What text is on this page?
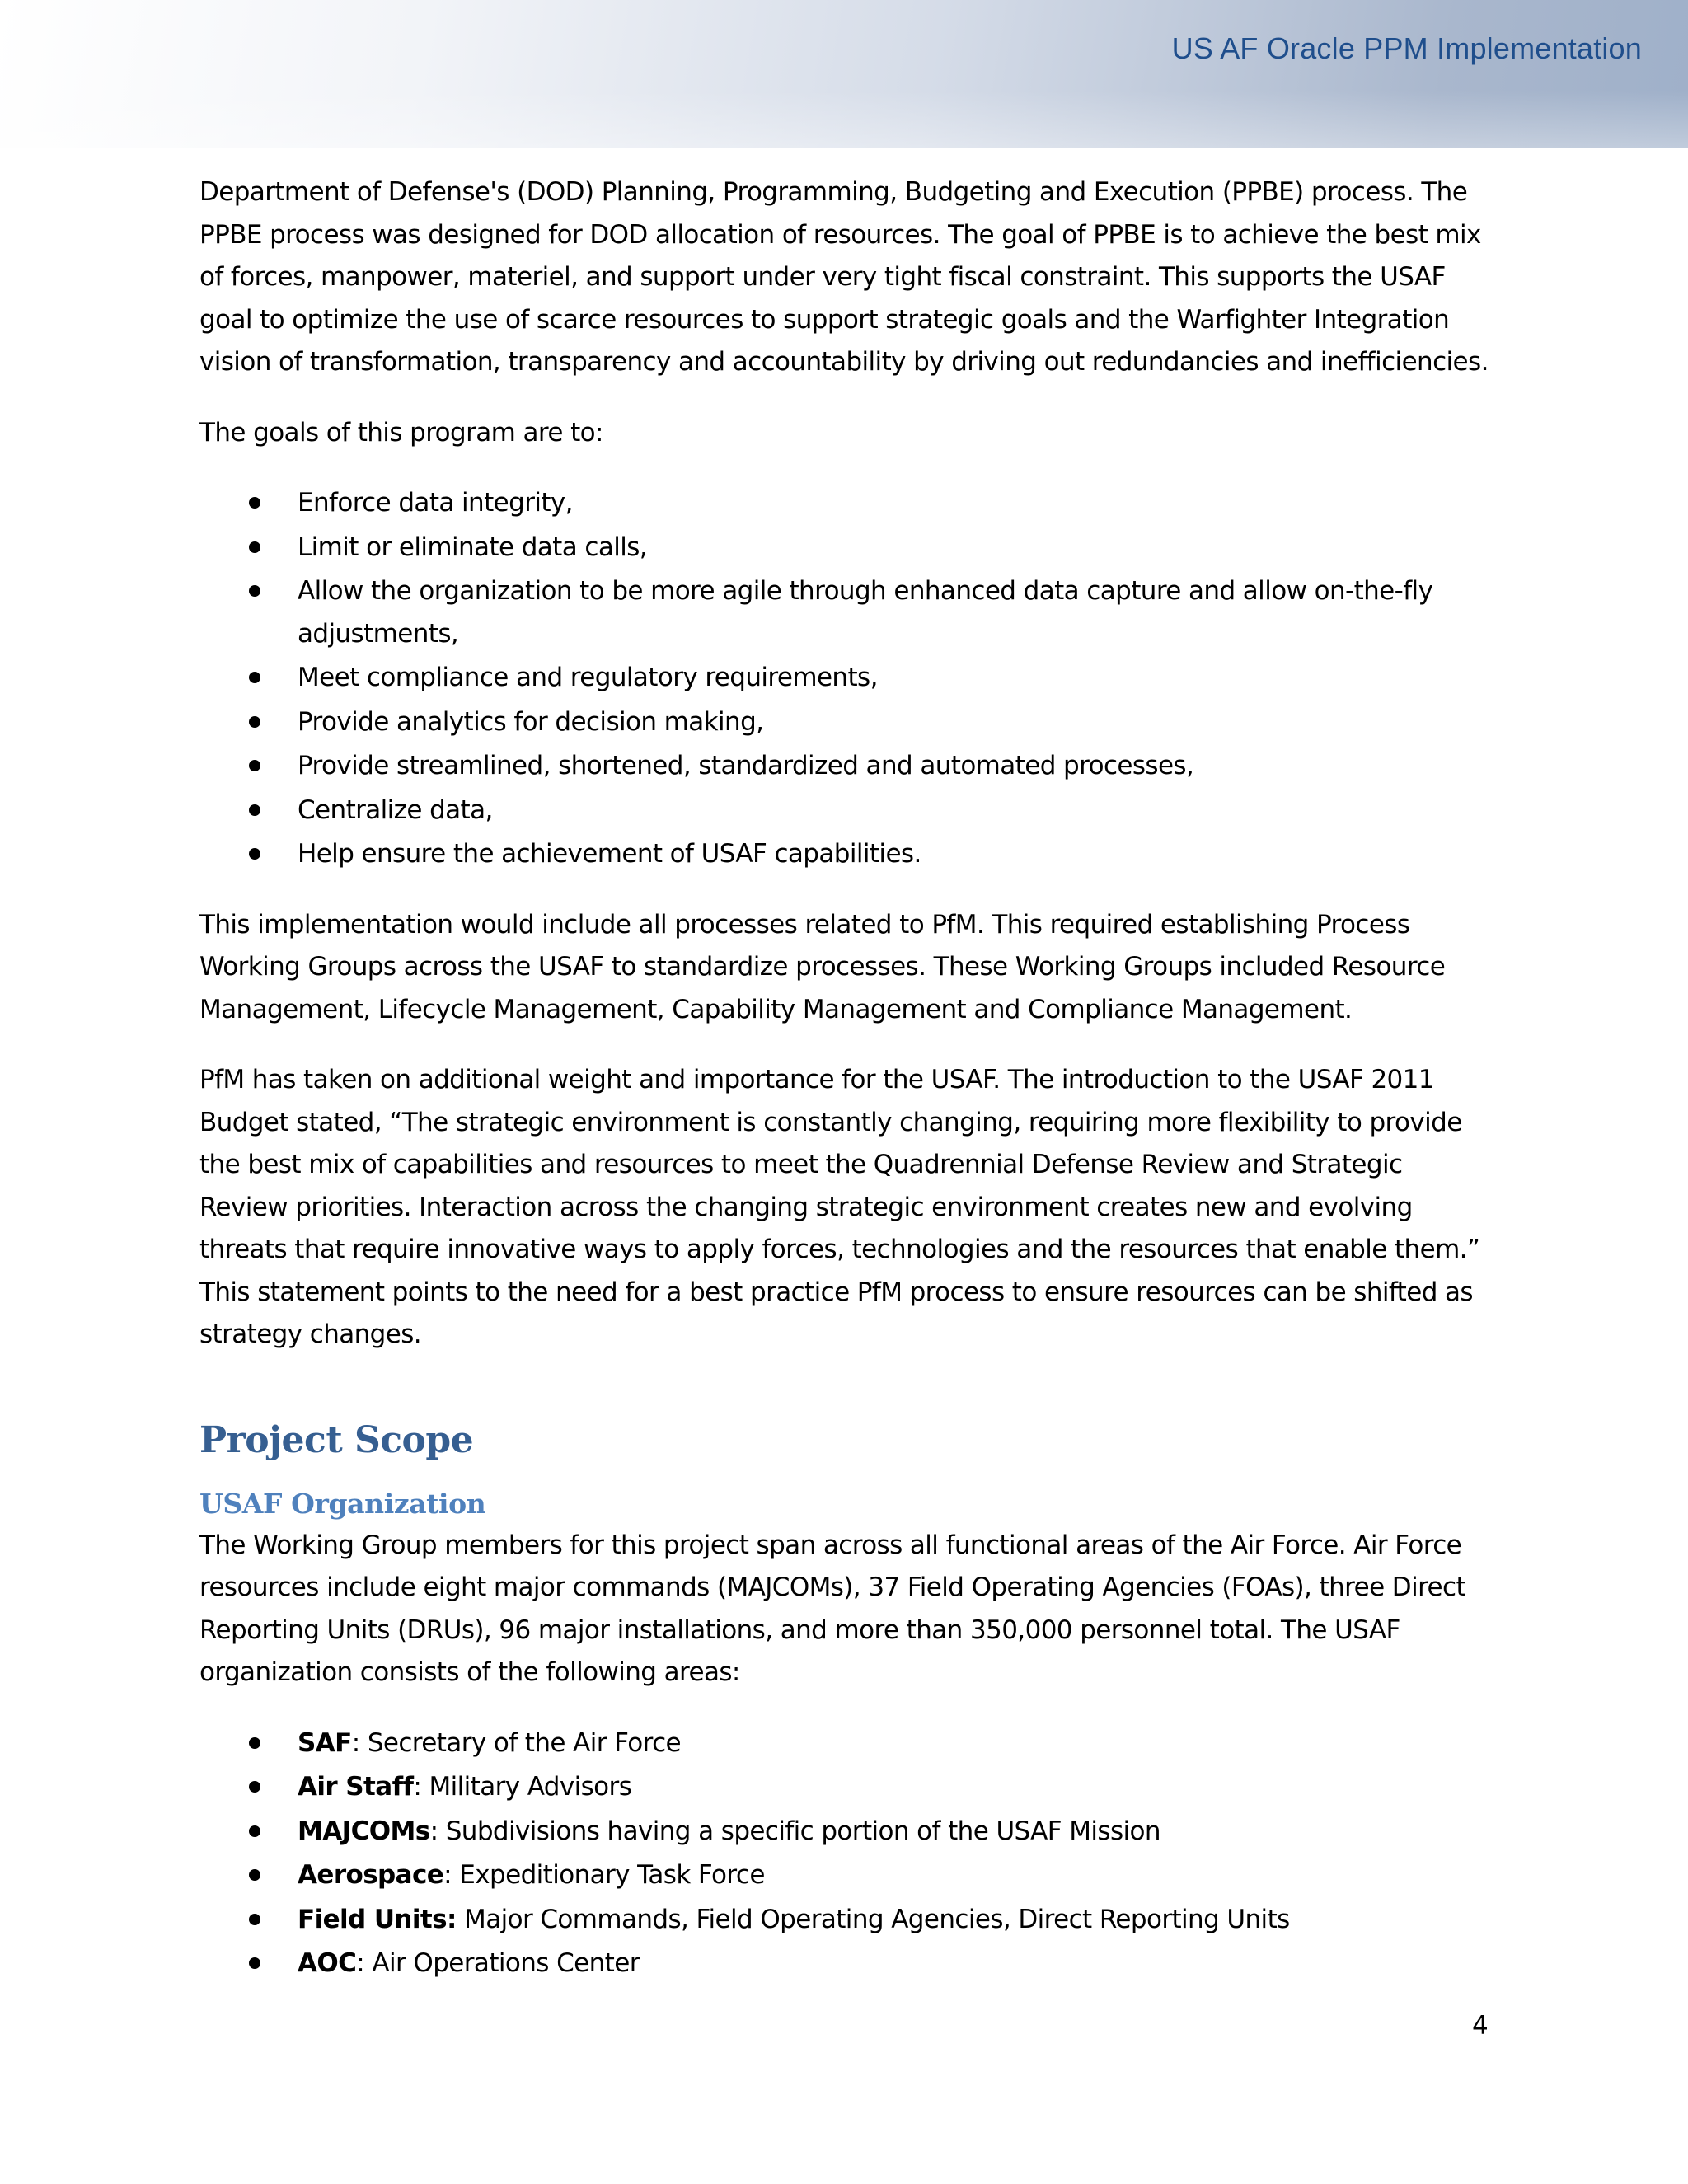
US AF Oracle PPM Implementation

Department of Defense's (DOD) Planning, Programming, Budgeting and Execution (PPBE) process. The PPBE process was designed for DOD allocation of resources. The goal of PPBE is to achieve the best mix of forces, manpower, materiel, and support under very tight fiscal constraint. This supports the USAF goal to optimize the use of scarce resources to support strategic goals and the Warfighter Integration vision of transformation, transparency and accountability by driving out redundancies and inefficiencies.

The goals of this program are to:

Enforce data integrity,
Limit or eliminate data calls,
Allow the organization to be more agile through enhanced data capture and allow on-the-fly adjustments,
Meet compliance and regulatory requirements,
Provide analytics for decision making,
Provide streamlined, shortened, standardized and automated processes,
Centralize data,
Help ensure the achievement of USAF capabilities.

This implementation would include all processes related to PfM. This required establishing Process Working Groups across the USAF to standardize processes. These Working Groups included Resource Management, Lifecycle Management, Capability Management and Compliance Management.

PfM has taken on additional weight and importance for the USAF. The introduction to the USAF 2011 Budget stated, “The strategic environment is constantly changing, requiring more flexibility to provide the best mix of capabilities and resources to meet the Quadrennial Defense Review and Strategic Review priorities. Interaction across the changing strategic environment creates new and evolving threats that require innovative ways to apply forces, technologies and the resources that enable them.” This statement points to the need for a best practice PfM process to ensure resources can be shifted as strategy changes.

Project Scope
USAF Organization

The Working Group members for this project span across all functional areas of the Air Force. Air Force resources include eight major commands (MAJCOMs), 37 Field Operating Agencies (FOAs), three Direct Reporting Units (DRUs), 96 major installations, and more than 350,000 personnel total. The USAF organization consists of the following areas:

SAF: Secretary of the Air Force
Air Staff: Military Advisors
MAJCOMs: Subdivisions having a specific portion of the USAF Mission
Aerospace: Expeditionary Task Force
Field Units: Major Commands, Field Operating Agencies, Direct Reporting Units
AOC: Air Operations Center
4
